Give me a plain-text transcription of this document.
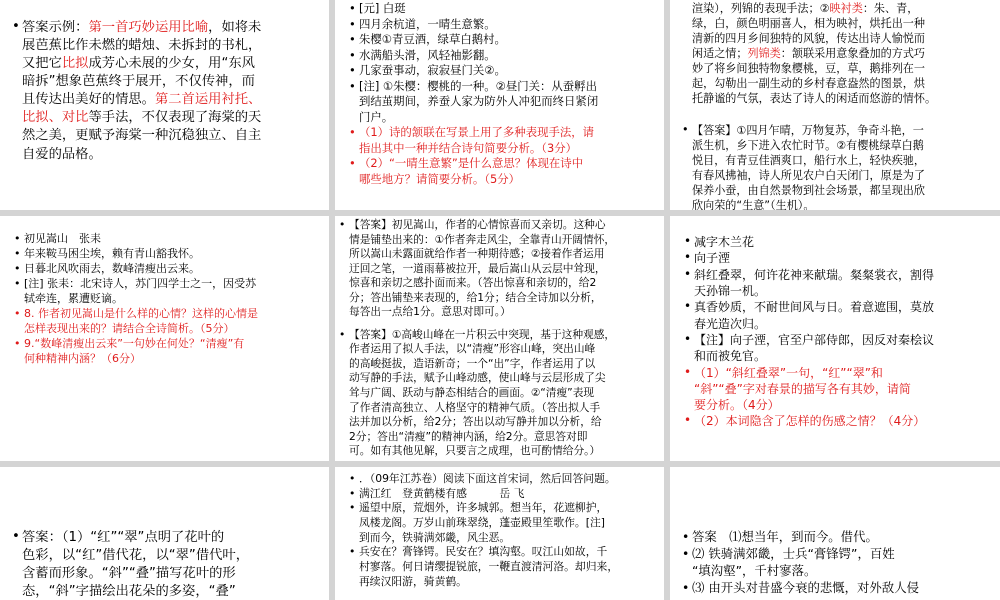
• 答案示例：第一首巧妙运用比喻，如将未
展芭蕉比作未燃的蜡烛、未拆封的书札，
又把它比拟成芳心未展的少女，用“东风
暗拆”想象芭蕉终于展开，不仅传神，而
且传达出美好的情思。第二首运用衬托、
比拟、对比等手法，不仅表现了海棠的天
然之美，更赋予海棠一种沉稳独立、自主
自爱的品格。
• [元] 白珽
• 四月余杭道，一晴生意繁。
• 朱樱①青豆酒，绿草白鹅村。
• 水满船头滑，风轻袖影翻。
• 几家蚕事动，寂寂昼门关②。
• [注] ①朱樱：樱桃的一种。②昼门关：从蚕孵出
到结茧期间，养蚕人家为防外人冲犯而终日紧闭
门户。
• （1）诗的颔联在写景上用了多种表现手法，请
指出其中一种并结合诗句简要分析。（3分）
• （2）“一晴生意繁”是什么意思？体现在诗中
哪些地方？请简要分析。（5分）
渲染），列锦的表现手法；②映衬类：朱、青，
绿，白，颜色明丽喜人，相为映衬，烘托出一种
清新的四月乡间独特的风貌，传达出诗人愉悦而
闲适之情；列锦类：颔联采用意象叠加的方式巧
妙了将乡间独特物象樱桃，豆，草，鹅排列在一
起，勾勒出一副生动的乡村春意盎然的图景，烘
托静谧的气氛，表达了诗人的闲适而悠游的情怀。
• 【答案】①四月乍晴，万物复苏，争奇斗艳，一
派生机，乡下进入农忙时节。②有樱桃绿草白鹅
悦目，有青豆佳酒爽口，船行水上，轻快疾驰，
有春风拂袖，诗人所见农户白天闭门，原是为了
保养小蚕，由自然景物到社会场景，都呈现出欣
欣向荣的“生意”（生机）。
• 初见嵩山　张耒
• 年来鞍马困尘埃，赖有青山豁我怀。
• 日暮北风吹雨去，数峰清瘦出云来。
• [注] 张耒：北宋诗人，苏门四学士之一，因受苏
轼牵连，累遭贬谪。
• 8. 作者初见嵩山是什么样的心情？这样的心情是
怎样表现出来的？请结合全诗简析。（5分）
• 9.“数峰清瘦出云来”一句妙在何处？“清瘦”有
何种精神内涵？（6分）
• 【答案】初见嵩山，作者的心情惊喜而又亲切。这种心
情是铺垫出来的：①作者奔走风尘，全靠青山开阔情怀，
所以嵩山未露面就给作者一种期待感；②接着作者运用
迂回之笔，一道雨幕被拉开，最后嵩山从云层中耸现，
惊喜和亲切之感扑面而来。（答出惊喜和亲切的，给2
分；答出铺垫来表现的，给1分；结合全诗加以分析，
每答出一点给1分。意思对即可。）
• 【答案】①高峻山峰在一片积云中突现，基于这种观感，
作者运用了拟人手法，以“清瘦”形容山峰，突出山峰
的高峻挺拔，造语新奇；一个“出”字，作者运用了以
动写静的手法，赋予山峰动感，使山峰与云层形成了尖
耸与广阔、跃动与静态相结合的画面。②“清瘦”表现
了作者清高独立、人格坚守的精神气质。（答出拟人手
法并加以分析，给2分；答出以动写静并加以分析，给
2分；答出“清瘦”的精神内涵，给2分。意思答对即
可。如有其他见解，只要言之成理，也可酌情给分。）
• 减字木兰花
• 向子湮
• 斜红叠翠，何许花神来献瑞。粲粲裳衣，割得
天孙锦一机。
• 真香妙质，不耐世间风与日。着意遮围，莫放
春光造次归。
• 【注】向子湮，官至户部侍郎，因反对秦桧议
和而被免官。
• （1）“斜红叠翠”一句，“红”“翠”和
“斜”“叠”字对春景的描写各有其妙，请简
要分析。（4分）
• （2）本词隐含了怎样的伤感之情？（4分）
• 答案：（1）“红”“翠”点明了花叶的
色彩，以“红”借代花，以“翠”借代叶，
含蓄而形象。“斜”“叠”描写花叶的形
态，“斜”字描绘出花朵的多姿，“叠”
• ．（09年江苏卷）阅读下面这首宋词，然后回答问题。
• 满江红　登黄鹤楼有感　　　岳 飞
• 遥望中原，荒烟外，许多城郭。想当年，花遮柳护，
凤楼龙阁。万岁山前珠翠绕，蓬壶殿里笙歌作。[注]
到而今，铁骑满郊畿，风尘恶。
• 兵安在？膏锋锷。民安在？填沟壑。叹江山如故，千
村寥落。何日请缨提锐旅，一鞭直渡清河洛。却归来，
再续汉阳游，骑黄鹤。
• 答案　⑴想当年，到而今。借代。
• ⑵ 铁骑满郊畿，士兵“膏锋锷”，百姓
“填沟壑”，千村寥落。
• ⑶ 由开头对昔盛今衰的悲慨，对外敌人侵
